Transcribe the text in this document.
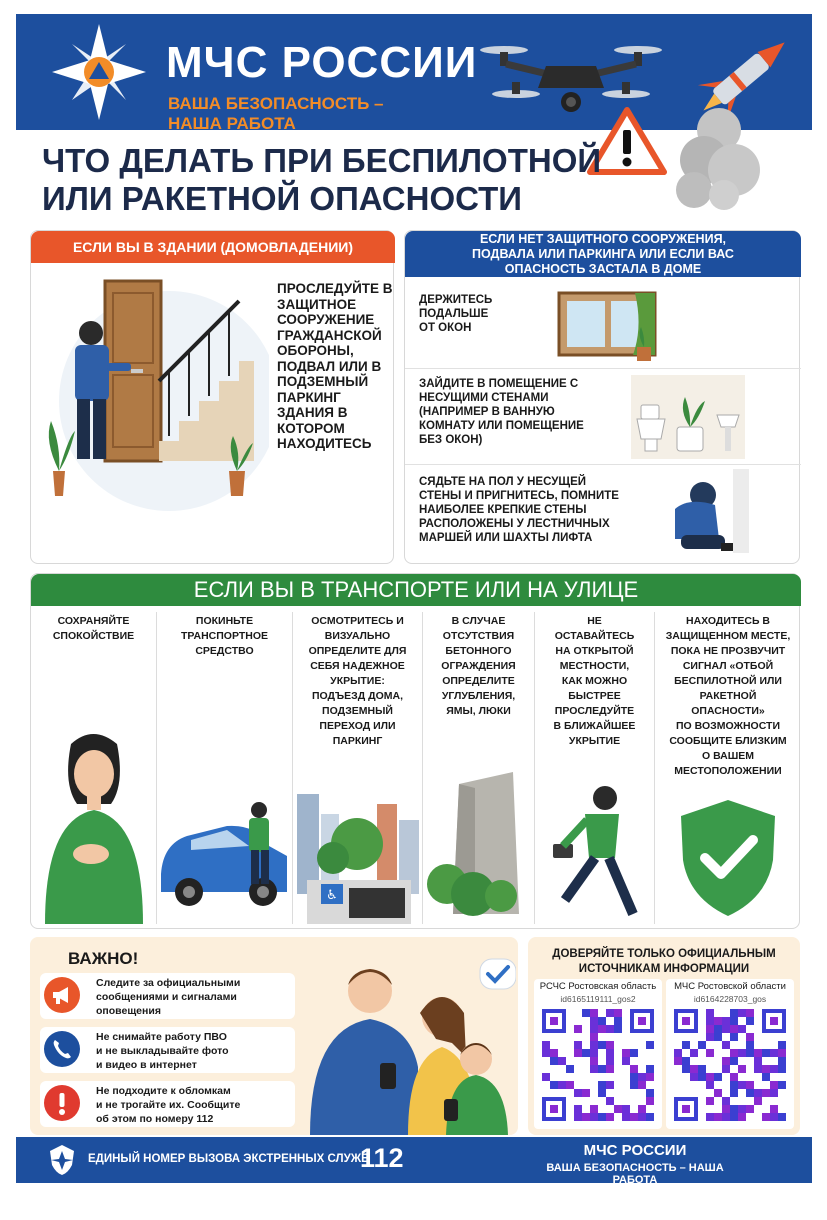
МЧС РОССИИ
ВАША БЕЗОПАСНОСТЬ –
НАША РАБОТА
ЧТО ДЕЛАТЬ ПРИ БЕСПИЛОТНОЙ
ИЛИ РАКЕТНОЙ ОПАСНОСТИ
ЕСЛИ ВЫ В ЗДАНИИ (ДОМОВЛАДЕНИИ)
ПРОСЛЕДУЙТЕ В ЗАЩИТНОЕ СООРУЖЕНИЕ ГРАЖДАНСКОЙ ОБОРОНЫ, ПОДВАЛ ИЛИ В ПОДЗЕМНЫЙ ПАРКИНГ ЗДАНИЯ В КОТОРОМ НАХОДИТЕСЬ
ЕСЛИ НЕТ ЗАЩИТНОГО СООРУЖЕНИЯ,
ПОДВАЛА ИЛИ ПАРКИНГА ИЛИ ЕСЛИ ВАС
ОПАСНОСТЬ ЗАСТАЛА В ДОМЕ
ДЕРЖИТЕСЬ
ПОДАЛЬШЕ
ОТ ОКОН
ЗАЙДИТЕ В ПОМЕЩЕНИЕ С
НЕСУЩИМИ СТЕНАМИ
(НАПРИМЕР В ВАННУЮ
КОМНАТУ ИЛИ ПОМЕЩЕНИЕ
БЕЗ ОКОН)
СЯДЬТЕ НА ПОЛ У НЕСУЩЕЙ
СТЕНЫ И ПРИГНИТЕСЬ, ПОМНИТЕ
НАИБОЛЕЕ КРЕПКИЕ СТЕНЫ
РАСПОЛОЖЕНЫ У ЛЕСТНИЧНЫХ
МАРШЕЙ ИЛИ ШАХТЫ ЛИФТА
ЕСЛИ ВЫ В ТРАНСПОРТЕ ИЛИ НА УЛИЦЕ
СОХРАНЯЙТЕ
СПОКОЙСТВИЕ
ПОКИНЬТЕ
ТРАНСПОРТНОЕ
СРЕДСТВО
ОСМОТРИТЕСЬ И
ВИЗУАЛЬНО
ОПРЕДЕЛИТЕ ДЛЯ
СЕБЯ НАДЕЖНОЕ
УКРЫТИЕ:
ПОДЪЕЗД ДОМА,
ПОДЗЕМНЫЙ
ПЕРЕХОД ИЛИ
ПАРКИНГ
♿
В СЛУЧАЕ
ОТСУТСТВИЯ
БЕТОННОГО
ОГРАЖДЕНИЯ
ОПРЕДЕЛИТЕ
УГЛУБЛЕНИЯ,
ЯМЫ, ЛЮКИ
НЕ
ОСТАВАЙТЕСЬ
НА ОТКРЫТОЙ
МЕСТНОСТИ,
КАК МОЖНО
БЫСТРЕЕ
ПРОСЛЕДУЙТЕ
В БЛИЖАЙШЕЕ
УКРЫТИЕ
НАХОДИТЕСЬ В
ЗАЩИЩЕННОМ МЕСТЕ,
ПОКА НЕ ПРОЗВУЧИТ
СИГНАЛ «ОТБОЙ
БЕСПИЛОТНОЙ ИЛИ
РАКЕТНОЙ
ОПАСНОСТИ»
ПО ВОЗМОЖНОСТИ
СООБЩИТЕ БЛИЗКИМ
О ВАШЕМ
МЕСТОПОЛОЖЕНИИ
ВАЖНО!
Следите за официальными
сообщениями и сигналами
оповещения
Не снимайте работу ПВО
и не выкладывайте фото
и видео в интернет
Не подходите к обломкам
и не трогайте их. Сообщите
об этом по номеру 112
ДОВЕРЯЙТЕ ТОЛЬКО ОФИЦИАЛЬНЫМ
ИСТОЧНИКАМ ИНФОРМАЦИИ
РСЧС Ростовская область
id6165119111_gos2
МЧС Ростовской области
id6164228703_gos
ЕДИНЫЙ НОМЕР ВЫЗОВА ЭКСТРЕННЫХ СЛУЖБ
112	МЧС РОССИИ
ВАША БЕЗОПАСНОСТЬ – НАША РАБОТА
